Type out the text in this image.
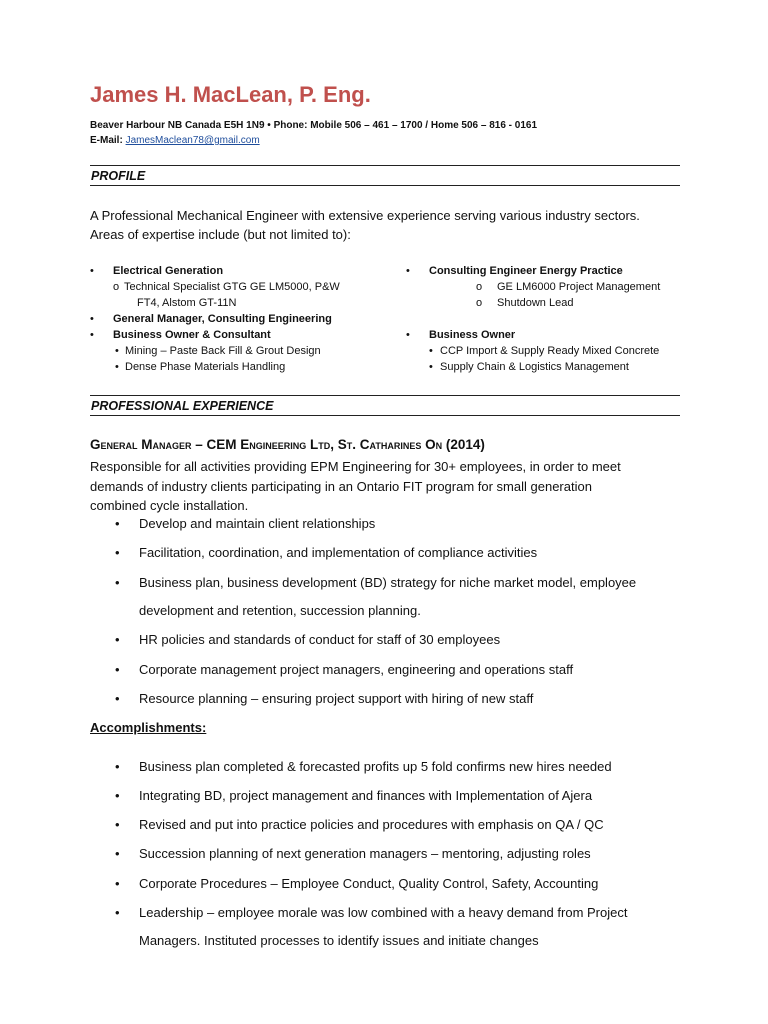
James H. MacLean, P. Eng.
Beaver Harbour NB Canada E5H 1N9 • Phone: Mobile 506 – 461 – 1700 / Home 506 – 816 - 0161
E-Mail: JamesMaclean78@gmail.com
PROFILE
A Professional Mechanical Engineer with extensive experience serving various industry sectors.
Areas of expertise include (but not limited to):
• Electrical Generation
o Technical Specialist GTG GE LM5000, P&W
FT4, Alstom GT-11N
• General Manager, Consulting Engineering
• Business Owner & Consultant
• Mining – Paste Back Fill & Grout Design
• Dense Phase Materials Handling
• Consulting Engineer Energy Practice
o GE LM6000 Project Management
o Shutdown Lead
• Business Owner
• CCP Import & Supply Ready Mixed Concrete
• Supply Chain & Logistics Management
PROFESSIONAL EXPERIENCE
General Manager – CEM Engineering Ltd, St. Catharines On (2014)
Responsible for all activities providing EPM Engineering for 30+ employees, in order to meet
demands of industry clients participating in an Ontario FIT program for small generation
combined cycle installation.
• Develop and maintain client relationships
• Facilitation, coordination, and implementation of compliance activities
• Business plan, business development (BD) strategy for niche market model, employee
development and retention, succession planning.
• HR policies and standards of conduct for staff of 30 employees
• Corporate management project managers, engineering and operations staff
• Resource planning – ensuring project support with hiring of new staff
Accomplishments:
• Business plan completed & forecasted profits up 5 fold confirms new hires needed
• Integrating BD, project management and finances with Implementation of Ajera
• Revised and put into practice policies and procedures with emphasis on QA / QC
• Succession planning of next generation managers – mentoring, adjusting roles
• Corporate Procedures – Employee Conduct, Quality Control, Safety, Accounting
• Leadership – employee morale was low combined with a heavy demand from Project
Managers. Instituted processes to identify issues and initiate changes
